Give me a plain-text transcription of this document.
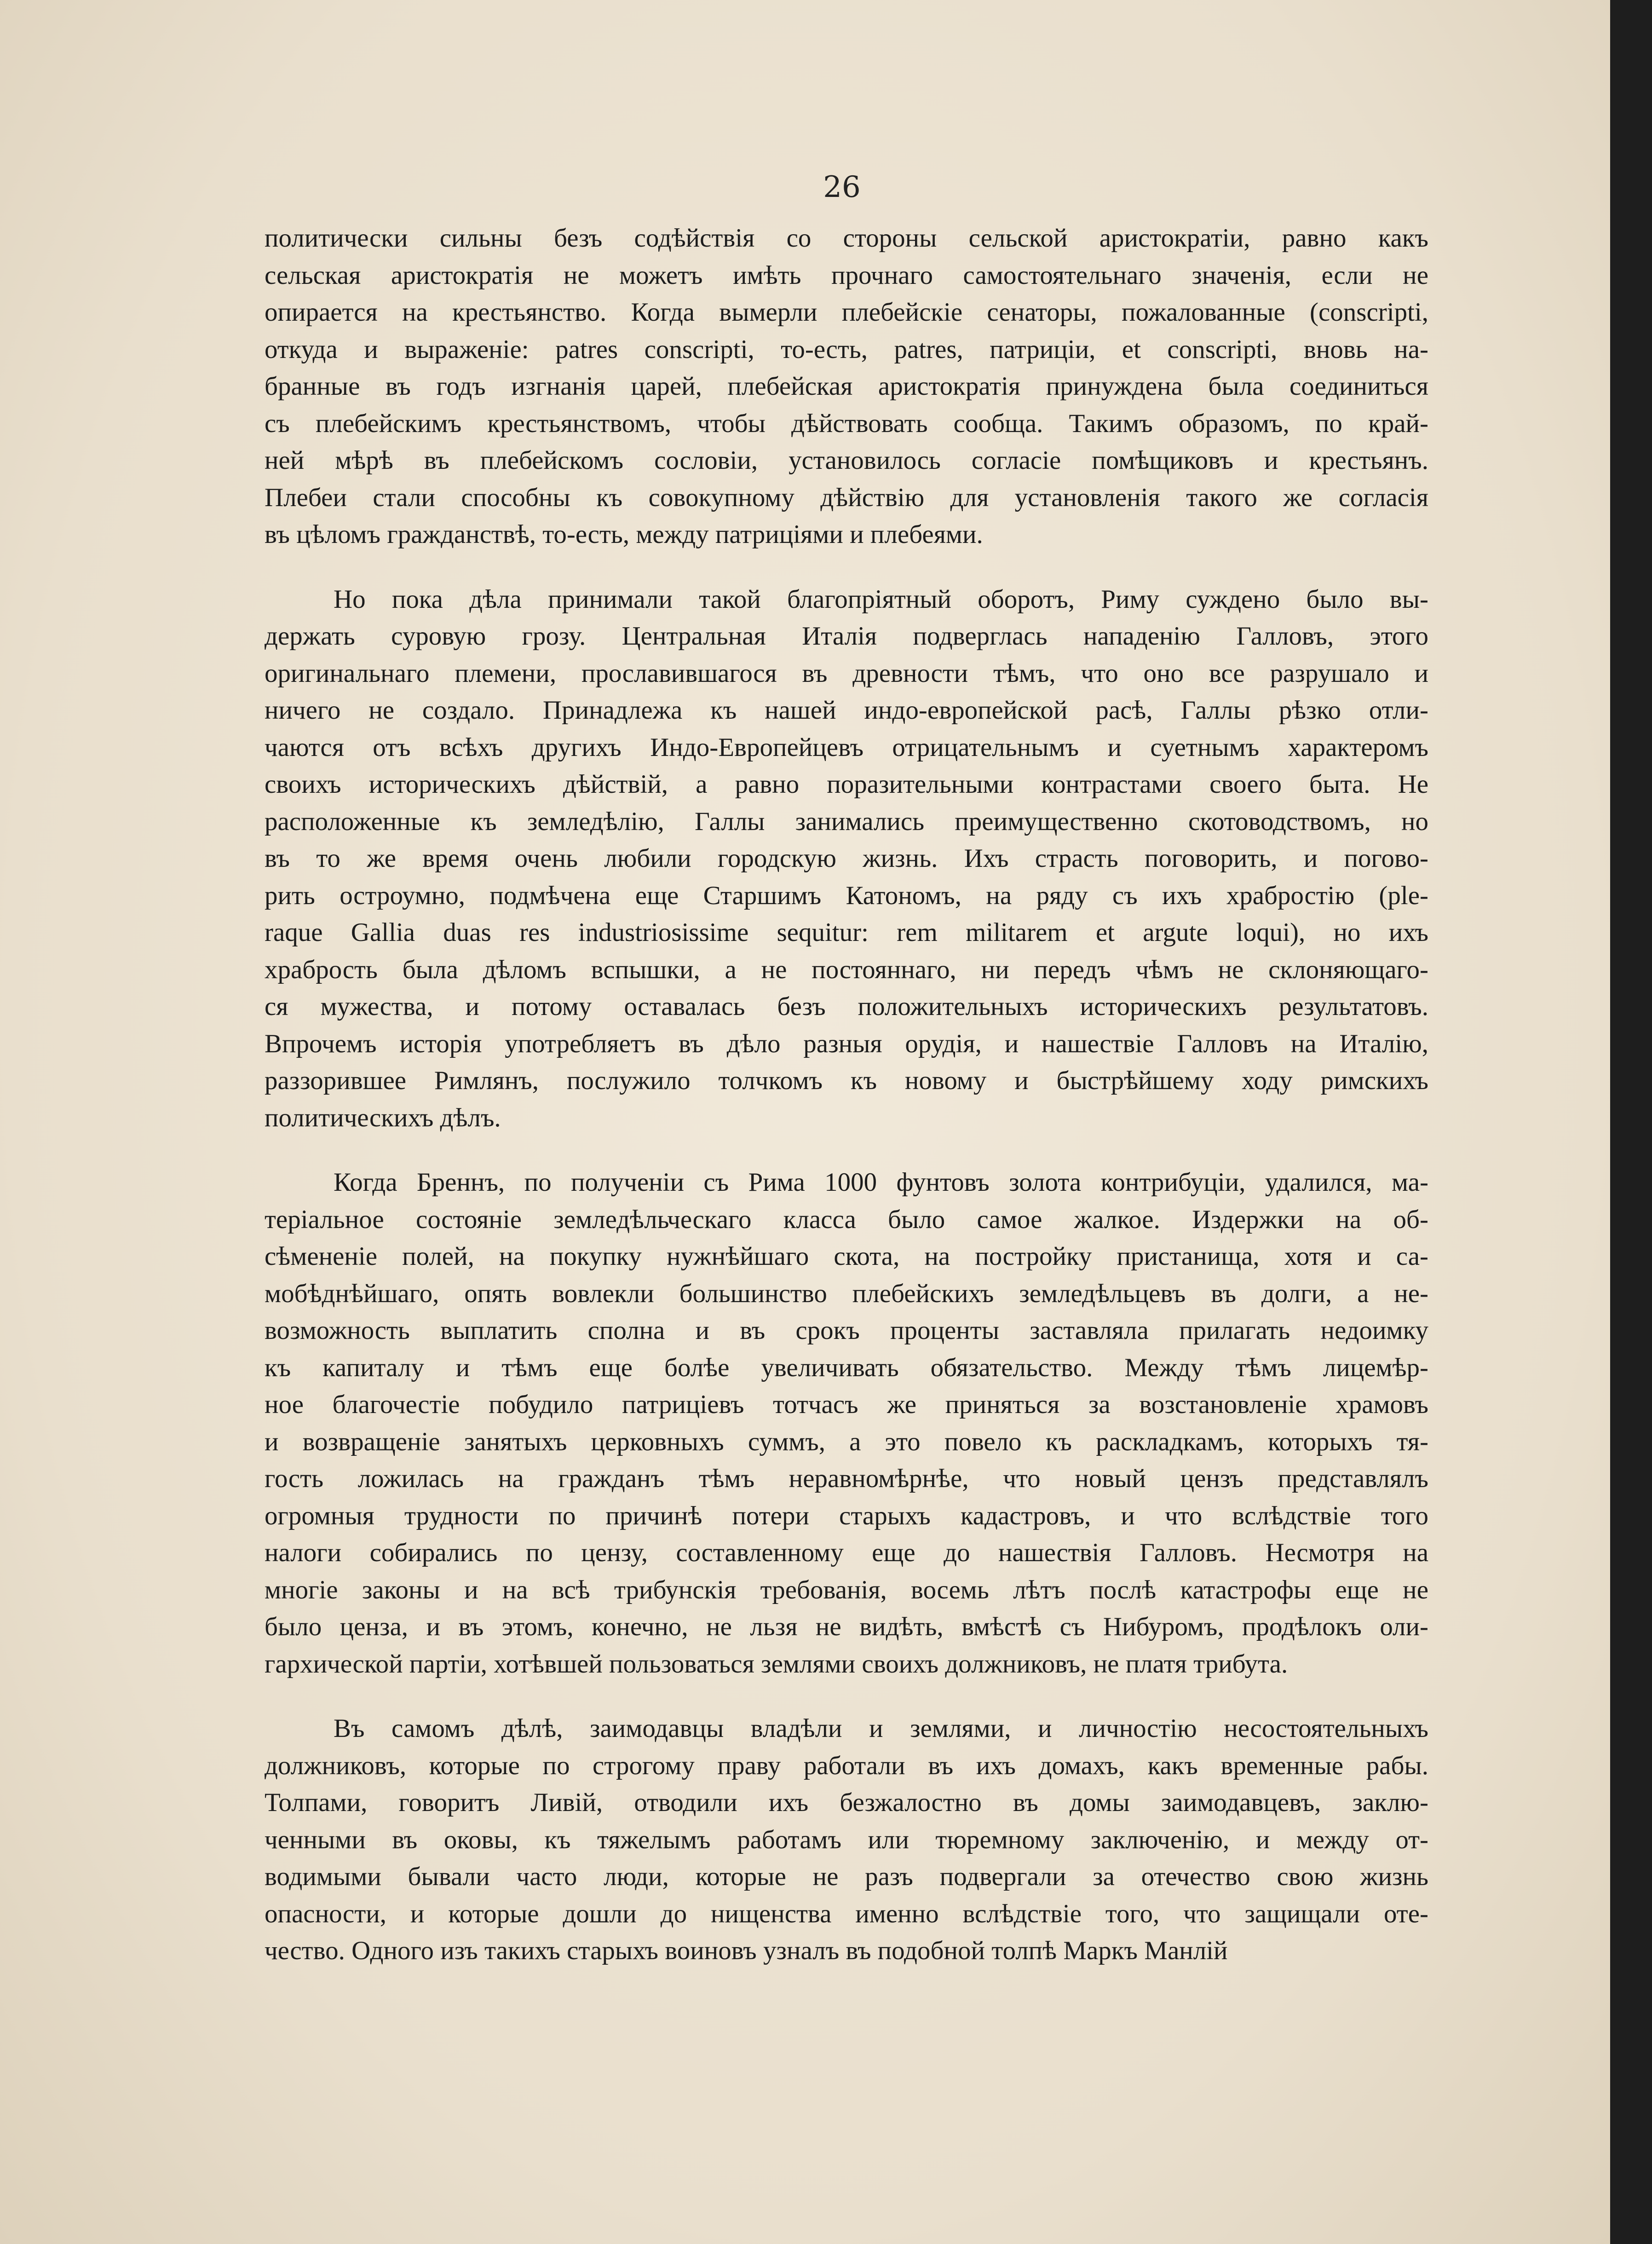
26
политически сильны безъ содѣйствія со стороны сельской аристократіи, равно какъ
сельская аристократія не можетъ имѣть прочнаго самостоятельнаго значенія, если не
опирается на крестьянство. Когда вымерли плебейскіе сенаторы, пожалованные (conscripti,
откуда и выраженіе: patres conscripti, то-есть, patres, патриціи, et conscripti, вновь на-
бранные въ годъ изгнанія царей, плебейская аристократія принуждена была соединиться
съ плебейскимъ крестьянствомъ, чтобы дѣйствовать сообща. Такимъ образомъ, по край-
ней мѣрѣ въ плебейскомъ сословіи, установилось согласіе помѣщиковъ и крестьянъ.
Плебеи стали способны къ совокупному дѣйствію для установленія такого же согласія
въ цѣломъ гражданствѣ, то-есть, между патриціями и плебеями.
Но пока дѣла принимали такой благопріятный оборотъ, Риму суждено было вы-
держать суровую грозу. Центральная Италія подверглась нападенію Галловъ, этого
оригинальнаго племени, прославившагося въ древности тѣмъ, что оно все разрушало и
ничего не создало. Принадлежа къ нашей индо-европейской расѣ, Галлы рѣзко отли-
чаются отъ всѣхъ другихъ Индо-Европейцевъ отрицательнымъ и суетнымъ характеромъ
своихъ историческихъ дѣйствій, а равно поразительными контрастами своего быта. Не
расположенные къ земледѣлію, Галлы занимались преимущественно скотоводствомъ, но
въ то же время очень любили городскую жизнь. Ихъ страсть поговорить, и погово-
рить остроумно, подмѣчена еще Старшимъ Катономъ, на ряду съ ихъ храбростію (ple-
raque Gallia duas res industriosissime sequitur: rem militarem et argute loqui), но ихъ
храбрость была дѣломъ вспышки, а не постояннаго, ни передъ чѣмъ не склоняющаго-
ся мужества, и потому оставалась безъ положительныхъ историческихъ результатовъ.
Впрочемъ исторія употребляетъ въ дѣло разныя орудія, и нашествіе Галловъ на Италію,
раззорившее Римлянъ, послужило толчкомъ къ новому и быстрѣйшему ходу римскихъ
политическихъ дѣлъ.
Когда Бреннъ, по полученіи съ Рима 1000 фунтовъ золота контрибуціи, удалился, ма-
теріальное состояніе земледѣльческаго класса было самое жалкое. Издержки на об-
сѣмененіе полей, на покупку нужнѣйшаго скота, на постройку пристанища, хотя и са-
мобѣднѣйшаго, опять вовлекли большинство плебейскихъ земледѣльцевъ въ долги, а не-
возможность выплатить сполна и въ срокъ проценты заставляла прилагать недоимку
къ капиталу и тѣмъ еще болѣе увеличивать обязательство. Между тѣмъ лицемѣр-
ное благочестіе побудило патриціевъ тотчасъ же приняться за возстановленіе храмовъ
и возвращеніе занятыхъ церковныхъ суммъ, а это повело къ раскладкамъ, которыхъ тя-
гость ложилась на гражданъ тѣмъ неравномѣрнѣе, что новый цензъ представлялъ
огромныя трудности по причинѣ потери старыхъ кадастровъ, и что вслѣдствіе того
налоги собирались по цензу, составленному еще до нашествія Галловъ. Несмотря на
многіе законы и на всѣ трибунскія требованія, восемь лѣтъ послѣ катастрофы еще не
было ценза, и въ этомъ, конечно, не льзя не видѣть, вмѣстѣ съ Нибуромъ, продѣлокъ оли-
гархической партіи, хотѣвшей пользоваться землями своихъ должниковъ, не платя трибута.
Въ самомъ дѣлѣ, заимодавцы владѣли и землями, и личностію несостоятельныхъ
должниковъ, которые по строгому праву работали въ ихъ домахъ, какъ временные рабы.
Толпами, говоритъ Ливій, отводили ихъ безжалостно въ домы заимодавцевъ, заклю-
ченными въ оковы, къ тяжелымъ работамъ или тюремному заключенію, и между от-
водимыми бывали часто люди, которые не разъ подвергали за отечество свою жизнь
опасности, и которые дошли до нищенства именно вслѣдствіе того, что защищали оте-
чество. Одного изъ такихъ старыхъ воиновъ узналъ въ подобной толпѣ Маркъ Манлій
